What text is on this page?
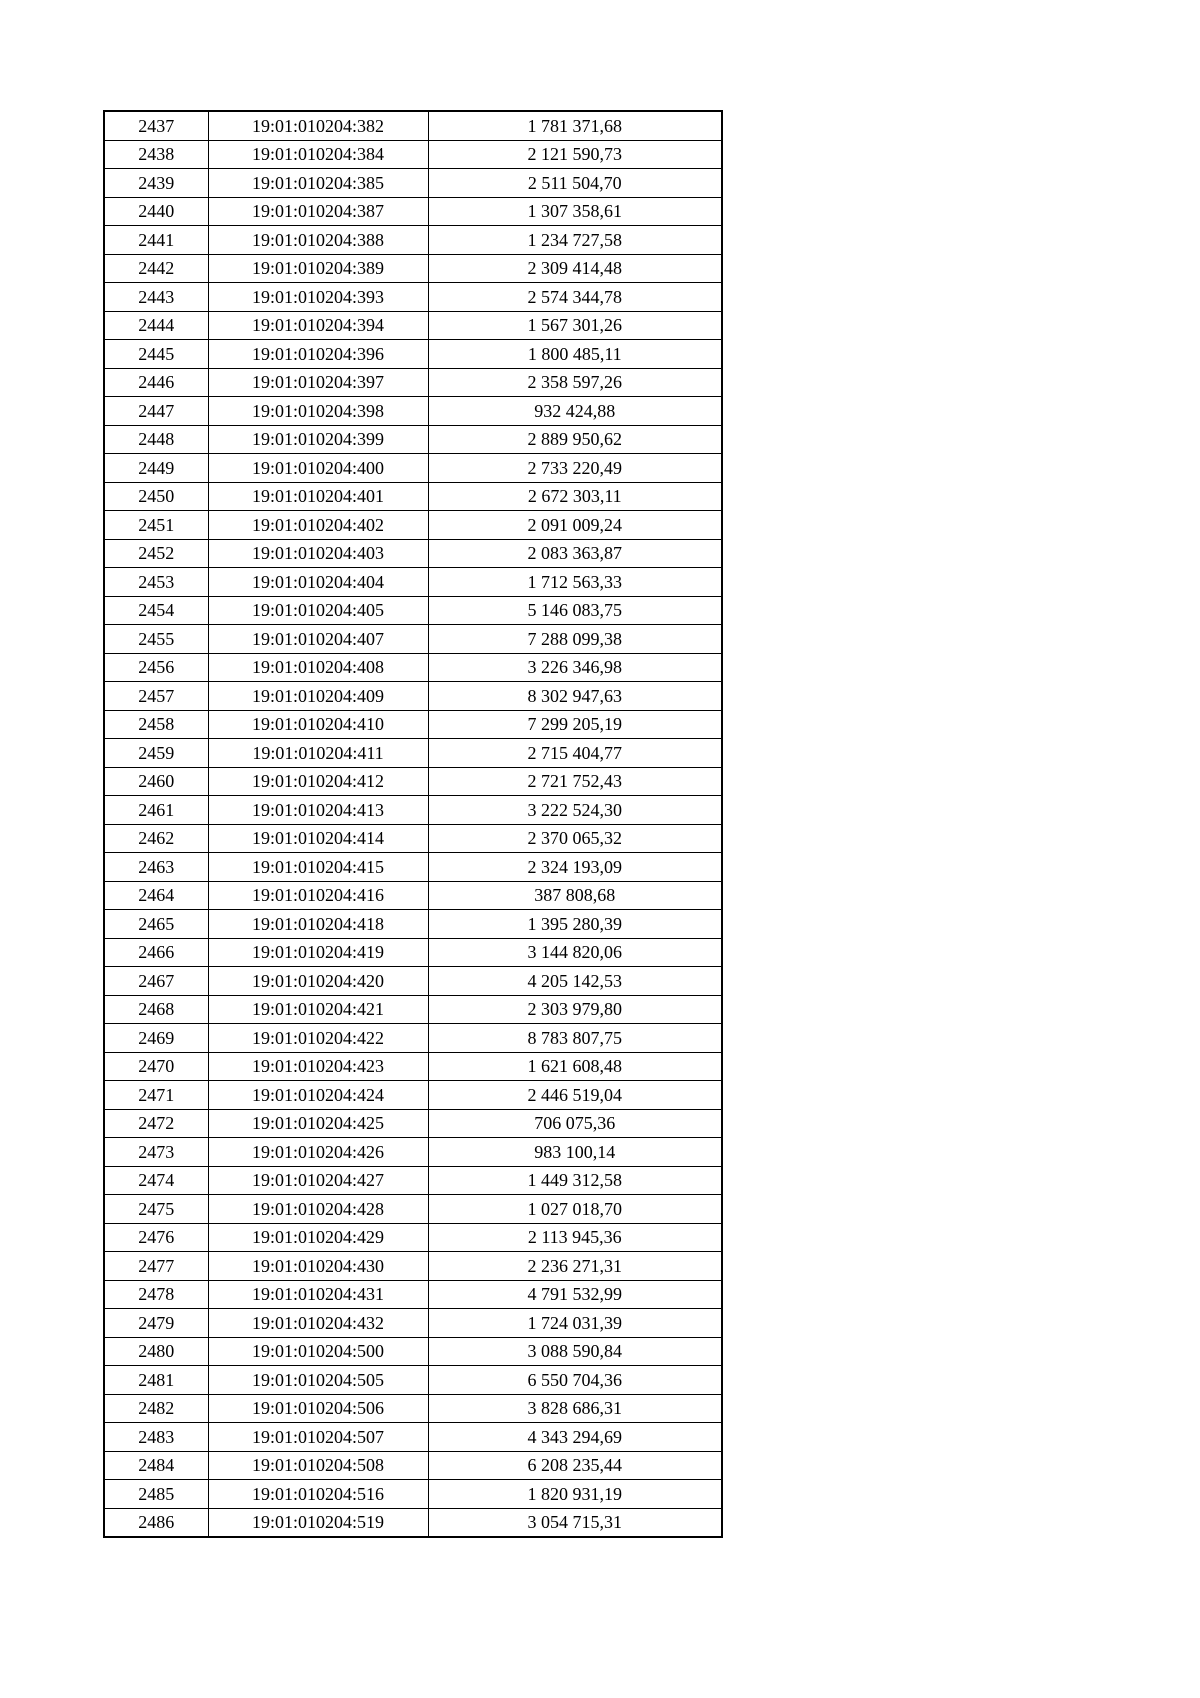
2437	19:01:010204:382	1 781 371,68
2438	19:01:010204:384	2 121 590,73
2439	19:01:010204:385	2 511 504,70
2440	19:01:010204:387	1 307 358,61
2441	19:01:010204:388	1 234 727,58
2442	19:01:010204:389	2 309 414,48
2443	19:01:010204:393	2 574 344,78
2444	19:01:010204:394	1 567 301,26
2445	19:01:010204:396	1 800 485,11
2446	19:01:010204:397	2 358 597,26
2447	19:01:010204:398	932 424,88
2448	19:01:010204:399	2 889 950,62
2449	19:01:010204:400	2 733 220,49
2450	19:01:010204:401	2 672 303,11
2451	19:01:010204:402	2 091 009,24
2452	19:01:010204:403	2 083 363,87
2453	19:01:010204:404	1 712 563,33
2454	19:01:010204:405	5 146 083,75
2455	19:01:010204:407	7 288 099,38
2456	19:01:010204:408	3 226 346,98
2457	19:01:010204:409	8 302 947,63
2458	19:01:010204:410	7 299 205,19
2459	19:01:010204:411	2 715 404,77
2460	19:01:010204:412	2 721 752,43
2461	19:01:010204:413	3 222 524,30
2462	19:01:010204:414	2 370 065,32
2463	19:01:010204:415	2 324 193,09
2464	19:01:010204:416	387 808,68
2465	19:01:010204:418	1 395 280,39
2466	19:01:010204:419	3 144 820,06
2467	19:01:010204:420	4 205 142,53
2468	19:01:010204:421	2 303 979,80
2469	19:01:010204:422	8 783 807,75
2470	19:01:010204:423	1 621 608,48
2471	19:01:010204:424	2 446 519,04
2472	19:01:010204:425	706 075,36
2473	19:01:010204:426	983 100,14
2474	19:01:010204:427	1 449 312,58
2475	19:01:010204:428	1 027 018,70
2476	19:01:010204:429	2 113 945,36
2477	19:01:010204:430	2 236 271,31
2478	19:01:010204:431	4 791 532,99
2479	19:01:010204:432	1 724 031,39
2480	19:01:010204:500	3 088 590,84
2481	19:01:010204:505	6 550 704,36
2482	19:01:010204:506	3 828 686,31
2483	19:01:010204:507	4 343 294,69
2484	19:01:010204:508	6 208 235,44
2485	19:01:010204:516	1 820 931,19
2486	19:01:010204:519	3 054 715,31
